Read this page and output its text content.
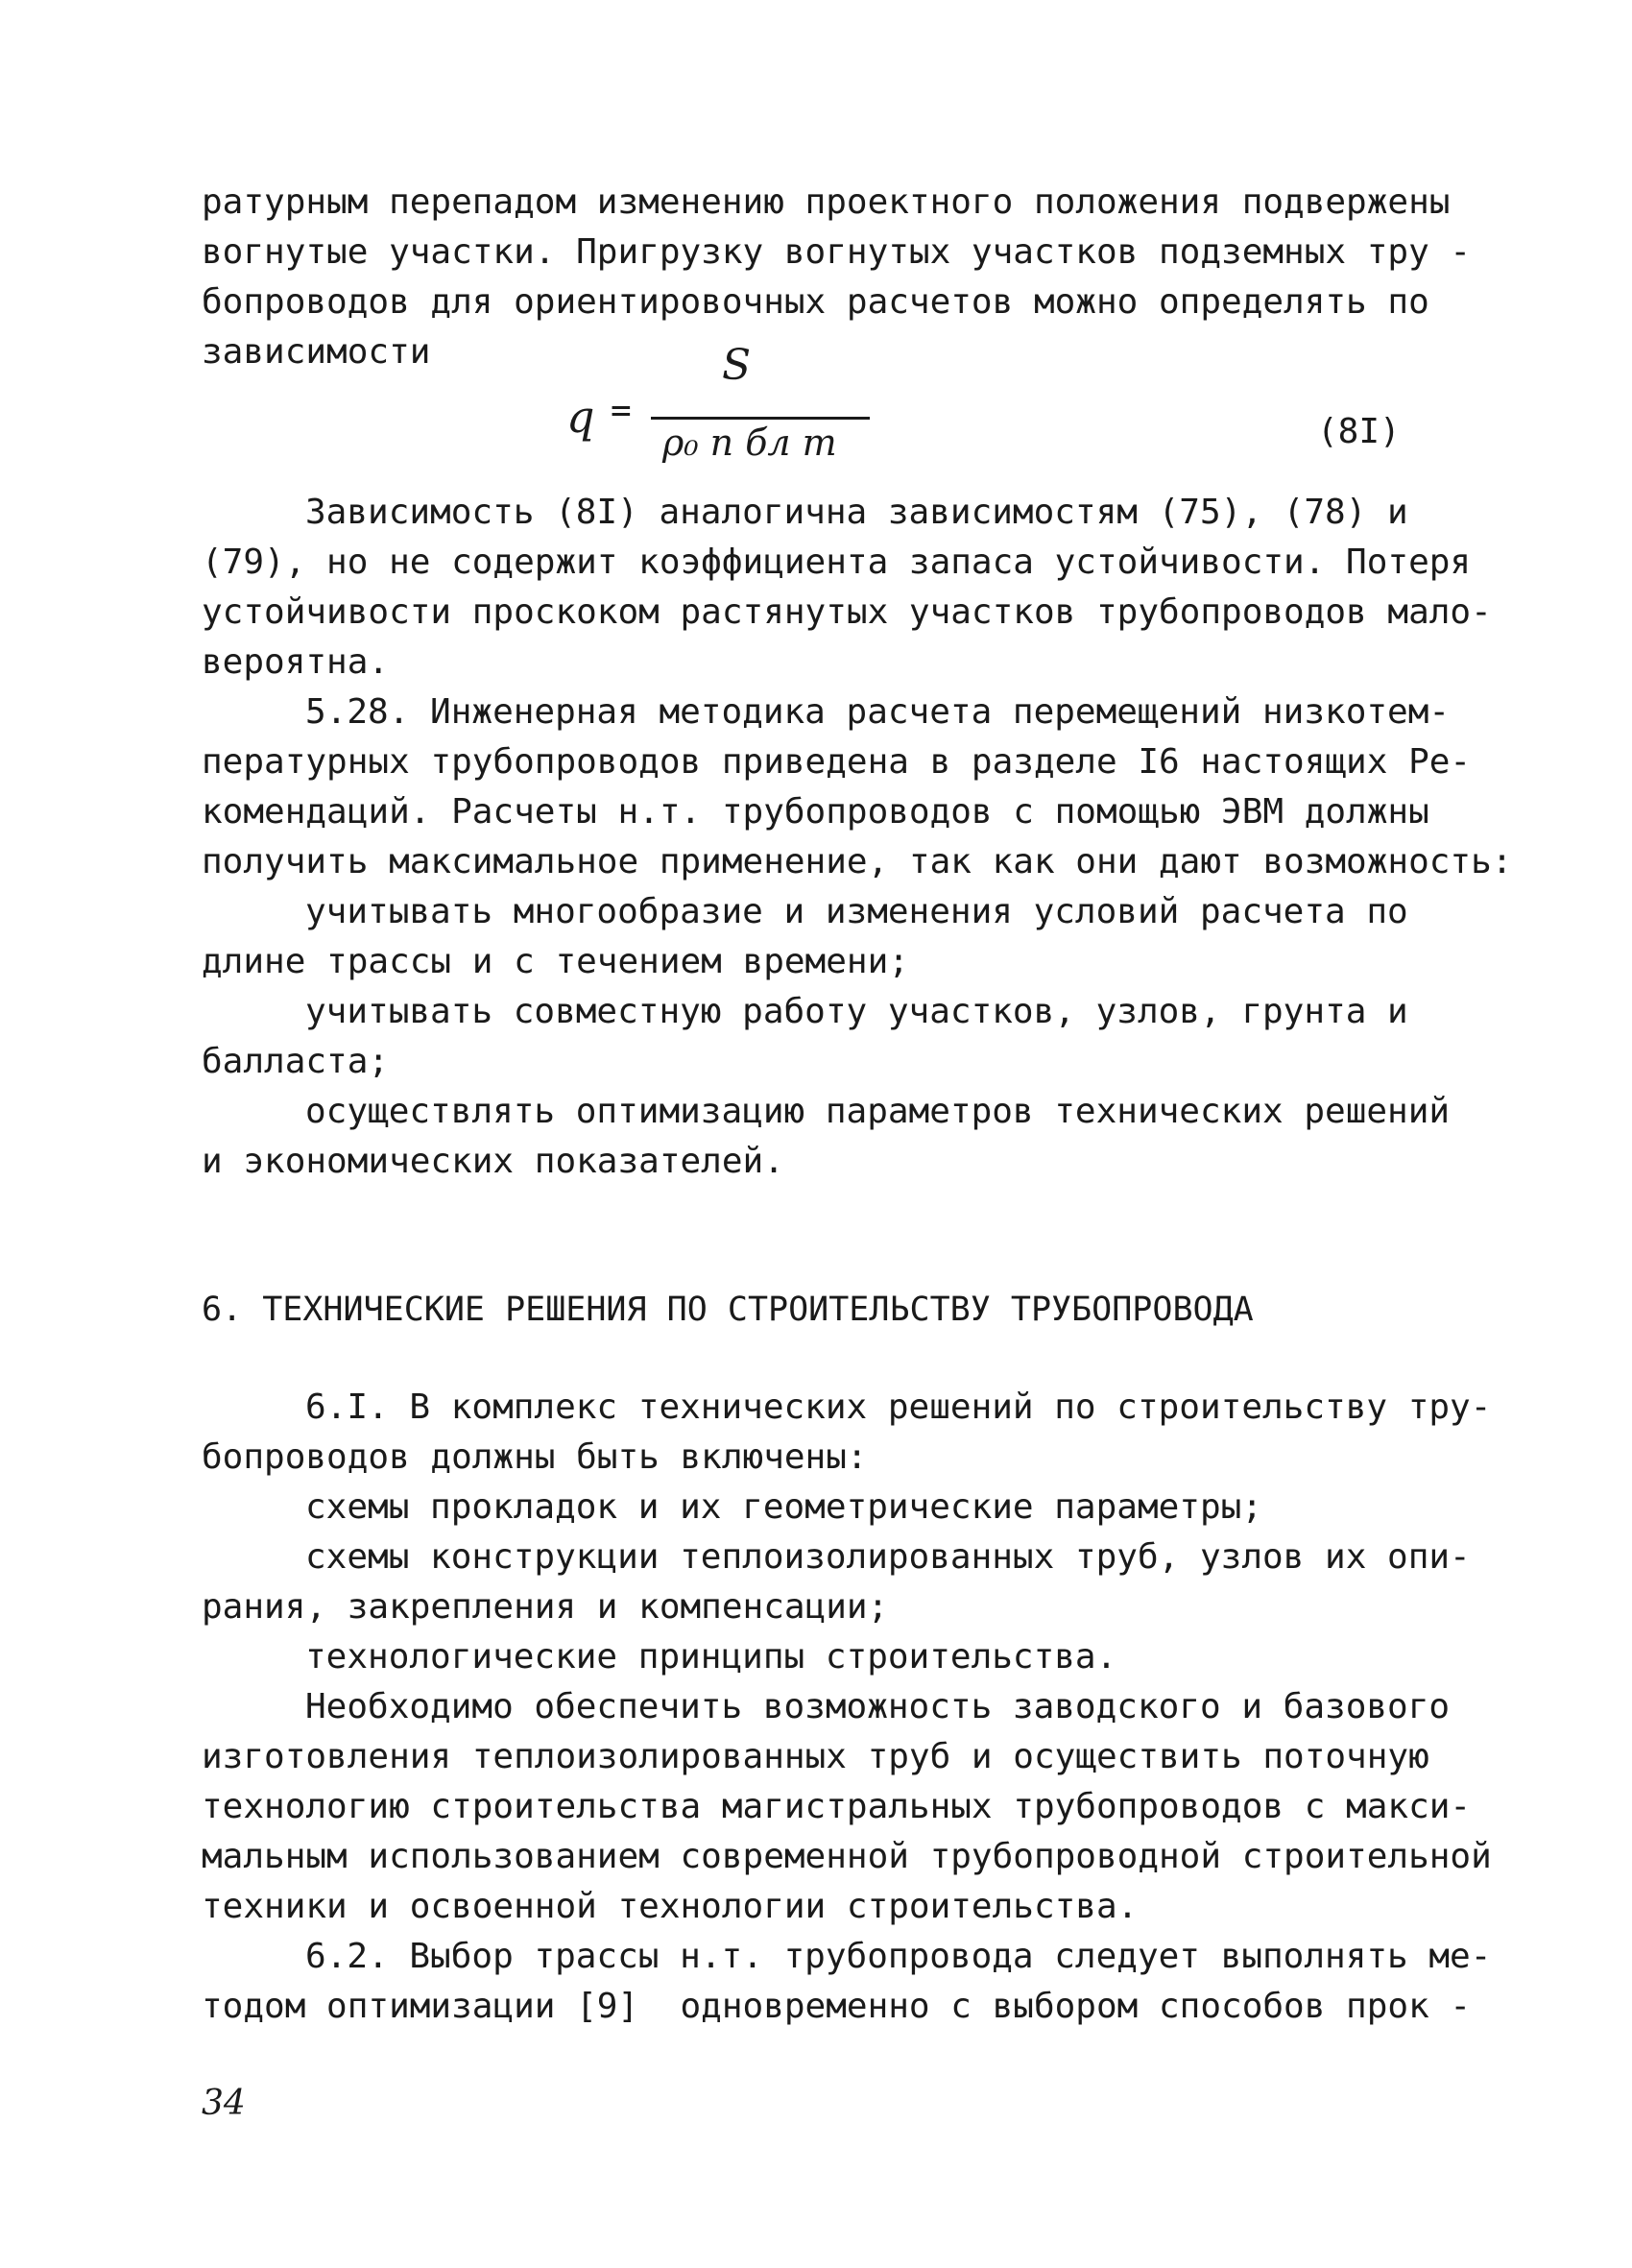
ратурным перепадом изменению проектного положения подвержены

вогнутые участки. Пригрузку вогнутых участков подземных тру -

бопроводов для ориентировочных расчетов можно определять по

зависимости

q =
S
ρ₀ n бл m	(8I)

Зависимость (8I) аналогична зависимостям (75), (78) и

(79), но не содержит коэффициента запаса устойчивости. Потеря

устойчивости проскоком растянутых участков трубопроводов мало-

вероятна.

5.28. Инженерная методика расчета перемещений низкотем-

пературных трубопроводов приведена в разделе I6 настоящих Ре-

комендаций. Расчеты н.т. трубопроводов с помощью ЭВМ должны

получить максимальное применение, так как они дают возможность:

учитывать многообразие и изменения условий расчета по

длине трассы и с течением времени;

учитывать совместную работу участков, узлов, грунта и

балласта;

осуществлять оптимизацию параметров технических решений

и экономических показателей.

6. ТЕХНИЧЕСКИЕ РЕШЕНИЯ ПО СТРОИТЕЛЬСТВУ ТРУБОПРОВОДА

6.I. В комплекс технических решений по строительству тру-

бопроводов должны быть включены:

схемы прокладок и их геометрические параметры;

схемы конструкции теплоизолированных труб, узлов их опи-

рания, закрепления и компенсации;

технологические принципы строительства.

Необходимо обеспечить возможность заводского и базового

изготовления теплоизолированных труб и осуществить поточную

технологию строительства магистральных трубопроводов с макси-

мальным использованием современной трубопроводной строительной

техники и освоенной технологии строительства.

6.2. Выбор трассы н.т. трубопровода следует выполнять ме-

тодом оптимизации [9]  одновременно с выбором способов прок -

34
